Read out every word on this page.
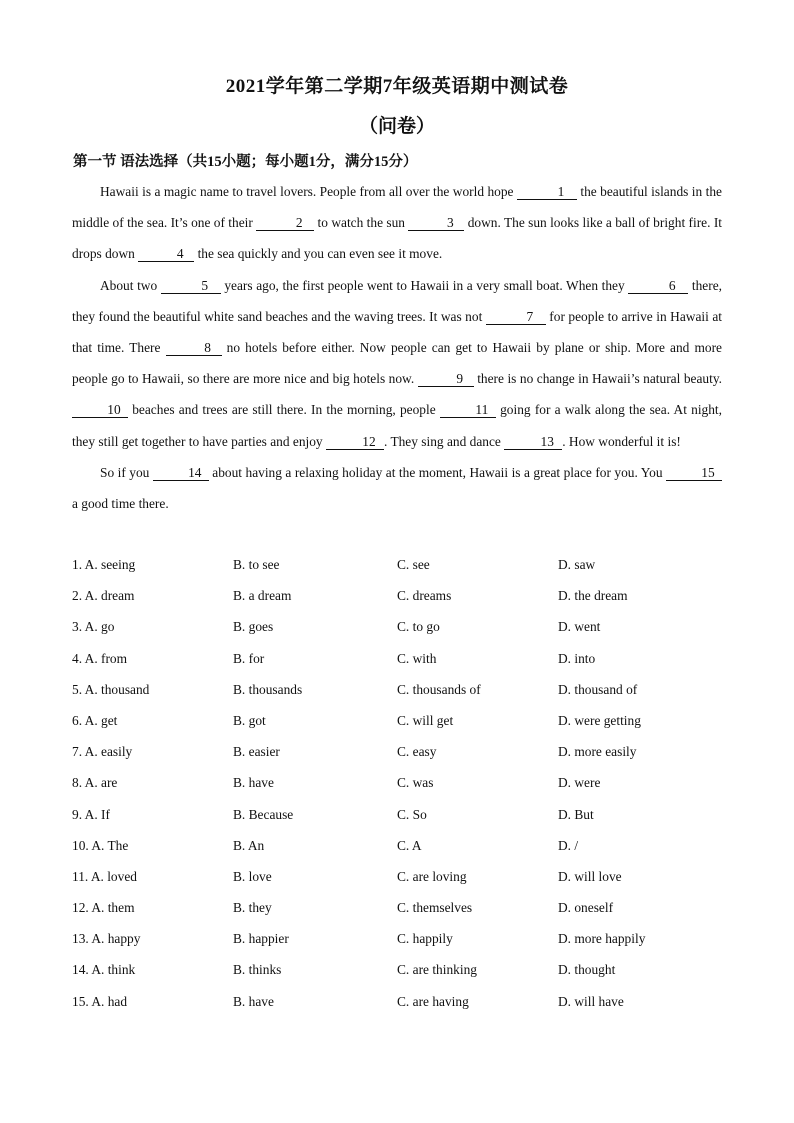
2021学年第二学期7年级英语期中测试卷
（问卷）
第一节 语法选择（共15小题；每小题1分，满分15分）

Hawaii is a magic name to travel lovers. People from all over the world hope	1 the beautiful islands in the middle of the sea. It’s one of their	2 to watch the sun	3 down. The sun looks like a ball of bright fire. It drops down	4 the sea quickly and you can even see it move.

About two	5 years ago, the first people went to Hawaii in a very small boat. When they	6 there, they found the beautiful white sand beaches and the waving trees. It was not	7 for people to arrive in Hawaii at that time. There	8 no hotels before either. Now people can get to Hawaii by plane or ship. More and more people go to Hawaii, so there are more nice and big hotels now.	9 there is no change in Hawaii’s natural beauty. 10 beaches and trees are still there. In the morning, people	11 going for a walk along the sea. At night, they still get together to have parties and enjoy	12 . They sing and dance	13 . How wonderful it is!

So if you	14 about having a relaxing holiday at the moment, Hawaii is a great place for you. You	15 a good time there.

1. A. seeing	B. to see	C. see	D. saw
2. A. dream	B. a dream	C. dreams	D. the dream
3. A. go	B. goes	C. to go	D. went
4. A. from	B. for	C. with	D. into
5. A. thousand	B. thousands	C. thousands of	D. thousand of
6. A. get	B. got	C. will get	D. were getting
7. A. easily	B. easier	C. easy	D. more easily
8. A. are	B. have	C. was	D. were
9. A. If	B. Because	C. So	D. But
10. A. The	B. An	C. A	D. /
11. A. loved	B. love	C. are loving	D. will love
12. A. them	B. they	C. themselves	D. oneself
13. A. happy	B. happier	C. happily	D. more happily
14. A. think	B. thinks	C. are thinking	D. thought
15. A. had	B. have	C. are having	D. will have
